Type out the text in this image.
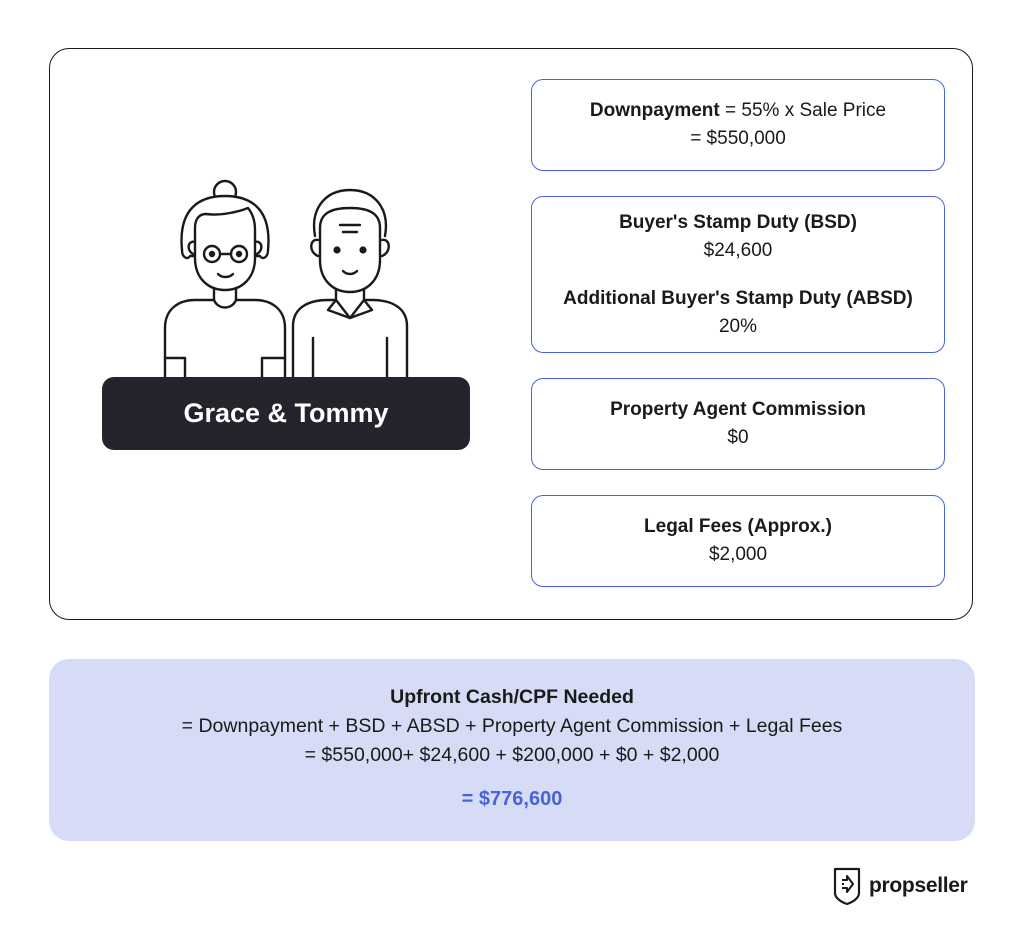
Grace & Tommy
Downpayment = 55% x Sale Price
= $550,000
Buyer's Stamp Duty (BSD)
$24,600
Additional Buyer's Stamp Duty (ABSD)
20%
Property Agent Commission
$0
Legal Fees (Approx.)
$2,000
Upfront Cash/CPF Needed
= Downpayment + BSD + ABSD + Property Agent Commission + Legal Fees
= $550,000+ $24,600 + $200,000 + $0 + $2,000
= $776,600
propseller
